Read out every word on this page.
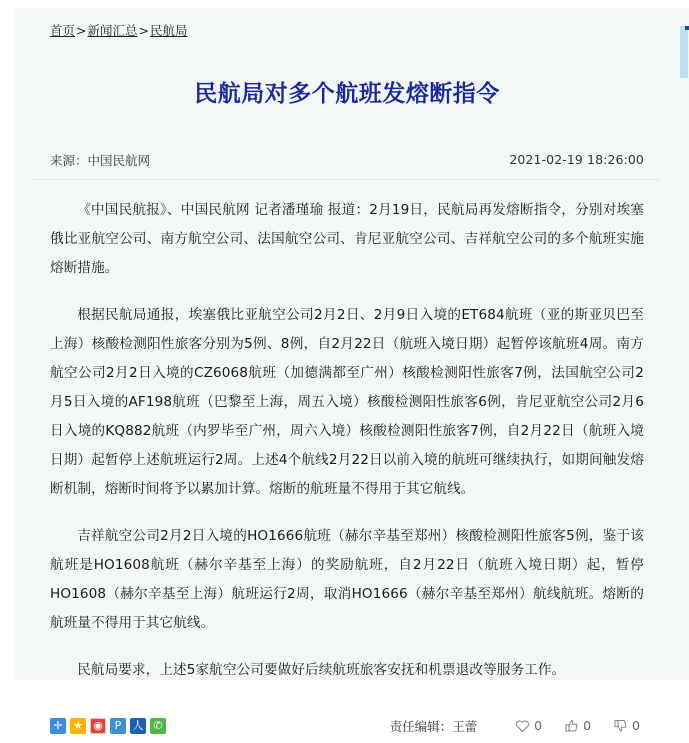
首页>新闻汇总>民航局
民航局对多个航班发熔断指令
来源：中国民航网	2021-02-19 18:26:00

《中国民航报》、中国民航网 记者潘瑾瑜 报道：2月19日，民航局再发熔断指令，分别对埃塞俄比亚航空公司、南方航空公司、法国航空公司、肯尼亚航空公司、吉祥航空公司的多个航班实施熔断措施。

根据民航局通报，埃塞俄比亚航空公司2月2日、2月9日入境的ET684航班（亚的斯亚贝巴至上海）核酸检测阳性旅客分别为5例、8例，自2月22日（航班入境日期）起暂停该航班4周。南方航空公司2月2日入境的CZ6068航班（加德满都至广州）核酸检测阳性旅客7例，法国航空公司2月5日入境的AF198航班（巴黎至上海，周五入境）核酸检测阳性旅客6例，肯尼亚航空公司2月6日入境的KQ882航班（内罗毕至广州，周六入境）核酸检测阳性旅客7例，自2月22日（航班入境日期）起暂停上述航班运行2周。上述4个航线2月22日以前入境的航班可继续执行，如期间触发熔断机制，熔断时间将予以累加计算。熔断的航班量不得用于其它航线。

吉祥航空公司2月2日入境的HO1666航班（赫尔辛基至郑州）核酸检测阳性旅客5例，鉴于该航班是HO1608航班（赫尔辛基至上海）的奖励航班，自2月22日（航班入境日期）起，暂停HO1608（赫尔辛基至上海）航班运行2周，取消HO1666（赫尔辛基至郑州）航线航班。熔断的航班量不得用于其它航线。

民航局要求，上述5家航空公司要做好后续航班旅客安抚和机票退改等服务工作。

✛ ★ ◉	P	人 ✆	责任编辑：王蕾	0	0	0
